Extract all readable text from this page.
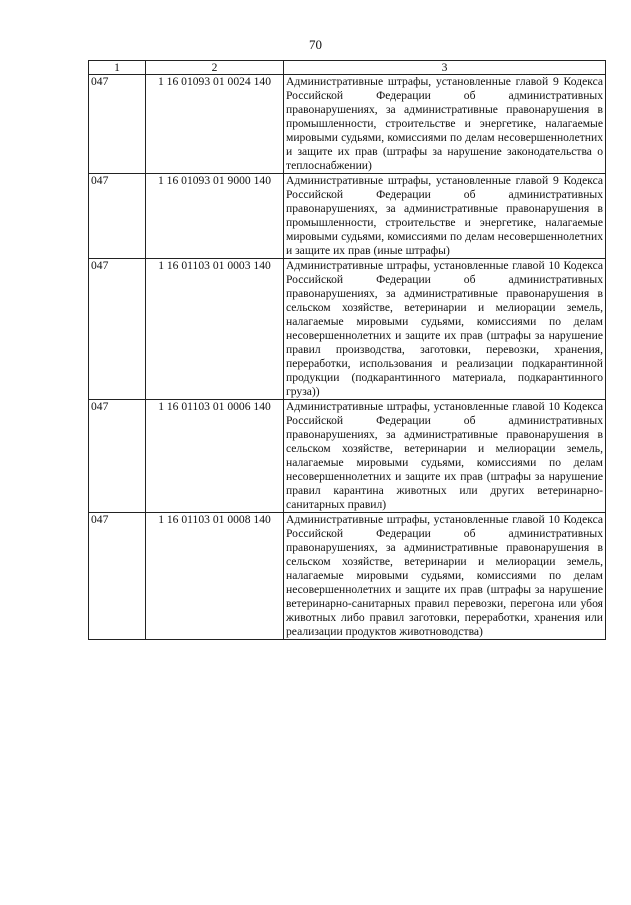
70
1	2	3
047	1 16 01093 01 0024 140	Административные штрафы, установленные главой 9 Кодекса Российской Федерации об административных правонарушениях, за административные правонарушения в промышленности, строительстве и энергетике, налагаемые мировыми судьями, комиссиями по делам несовершеннолетних и защите их прав (штрафы за нарушение законодательства о теплоснабжении)
047	1 16 01093 01 9000 140	Административные штрафы, установленные главой 9 Кодекса Российской Федерации об административных правонарушениях, за административные правонарушения в промышленности, строительстве и энергетике, налагаемые мировыми судьями, комиссиями по делам несовершеннолетних и защите их прав (иные штрафы)
047	1 16 01103 01 0003 140	Административные штрафы, установленные главой 10 Кодекса Российской Федерации об административных правонарушениях, за административные правонарушения в сельском хозяйстве, ветеринарии и мелиорации земель, налагаемые мировыми судьями, комиссиями по делам несовершеннолетних и защите их прав (штрафы за нарушение правил производства, заготовки, перевозки, хранения, переработки, использования и реализации подкарантинной продукции (подкарантинного материала, подкарантинного груза))
047	1 16 01103 01 0006 140	Административные штрафы, установленные главой 10 Кодекса Российской Федерации об административных правонарушениях, за административные правонарушения в сельском хозяйстве, ветеринарии и мелиорации земель, налагаемые мировыми судьями, комиссиями по делам несовершеннолетних и защите их прав (штрафы за нарушение правил карантина животных или других ветеринарно-санитарных правил)
047	1 16 01103 01 0008 140	Административные штрафы, установленные главой 10 Кодекса Российской Федерации об административных правонарушениях, за административные правонарушения в сельском хозяйстве, ветеринарии и мелиорации земель, налагаемые мировыми судьями, комиссиями по делам несовершеннолетних и защите их прав (штрафы за нарушение ветеринарно-санитарных правил перевозки, перегона или убоя животных либо правил заготовки, переработки, хранения или реализации продуктов животноводства)
